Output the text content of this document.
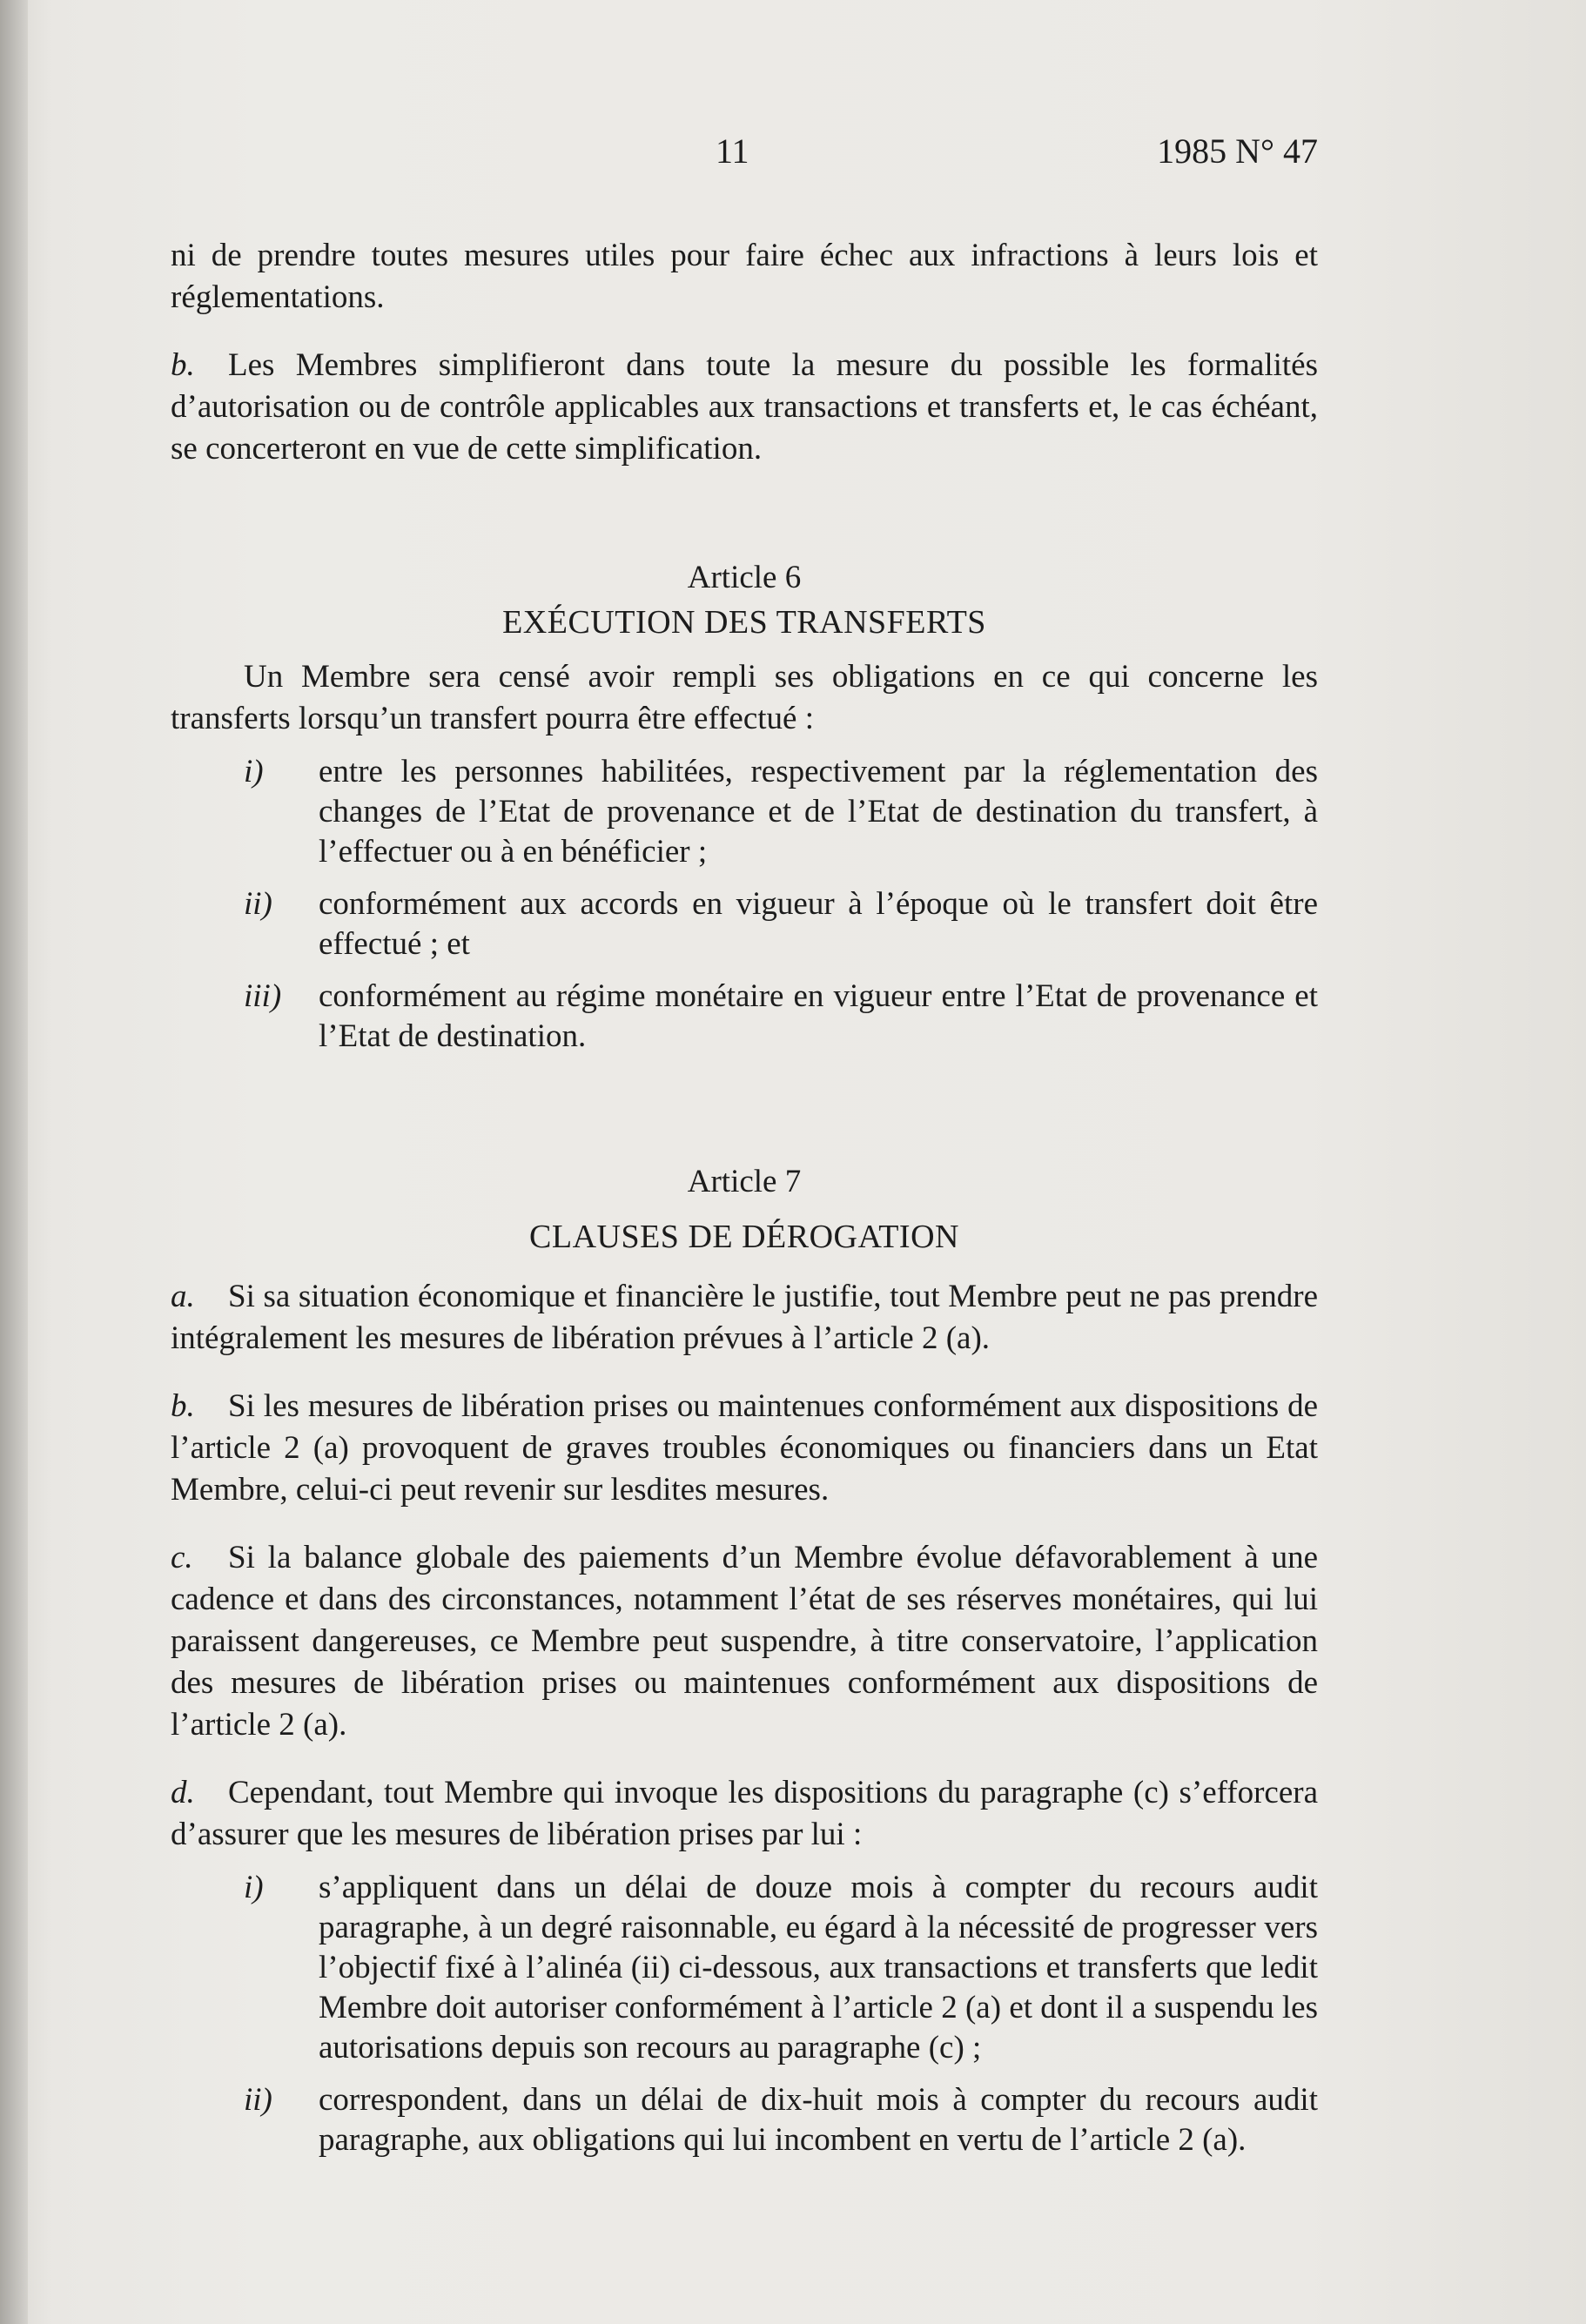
11	1985 N° 47

ni de prendre toutes mesures utiles pour faire échec aux infractions à leurs lois et réglementations.

b. Les Membres simplifieront dans toute la mesure du possible les formalités d’autorisation ou de contrôle applicables aux transactions et transferts et, le cas échéant, se concerteront en vue de cette simplification.

Article 6

EXÉCUTION DES TRANSFERTS

Un Membre sera censé avoir rempli ses obligations en ce qui concerne les transferts lorsqu’un transfert pourra être effectué :

i)	entre les personnes habilitées, respectivement par la réglementation des changes de l’Etat de provenance et de l’Etat de destination du transfert, à l’effectuer ou à en bénéficier ;
ii)	conformément aux accords en vigueur à l’époque où le transfert doit être effectué ; et
iii)	conformément au régime monétaire en vigueur entre l’Etat de provenance et l’Etat de destination.

Article 7

CLAUSES DE DÉROGATION

a. Si sa situation économique et financière le justifie, tout Membre peut ne pas prendre intégralement les mesures de libération prévues à l’article 2 (a).

b. Si les mesures de libération prises ou maintenues conformément aux dispositions de l’article 2 (a) provoquent de graves troubles économiques ou financiers dans un Etat Membre, celui-ci peut revenir sur lesdites mesures.

c. Si la balance globale des paiements d’un Membre évolue défavorablement à une cadence et dans des circonstances, notamment l’état de ses réserves monétaires, qui lui paraissent dangereuses, ce Membre peut suspendre, à titre conservatoire, l’application des mesures de libération prises ou maintenues conformément aux dispositions de l’article 2 (a).

d. Cependant, tout Membre qui invoque les dispositions du paragraphe (c) s’efforcera d’assurer que les mesures de libération prises par lui :

i)	s’appliquent dans un délai de douze mois à compter du recours audit paragraphe, à un degré raisonnable, eu égard à la nécessité de progresser vers l’objectif fixé à l’alinéa (ii) ci-dessous, aux transactions et transferts que ledit Membre doit autoriser conformément à l’article 2 (a) et dont il a suspendu les autorisations depuis son recours au paragraphe (c) ;
ii)	correspondent, dans un délai de dix-huit mois à compter du recours audit paragraphe, aux obligations qui lui incombent en vertu de l’article 2 (a).
